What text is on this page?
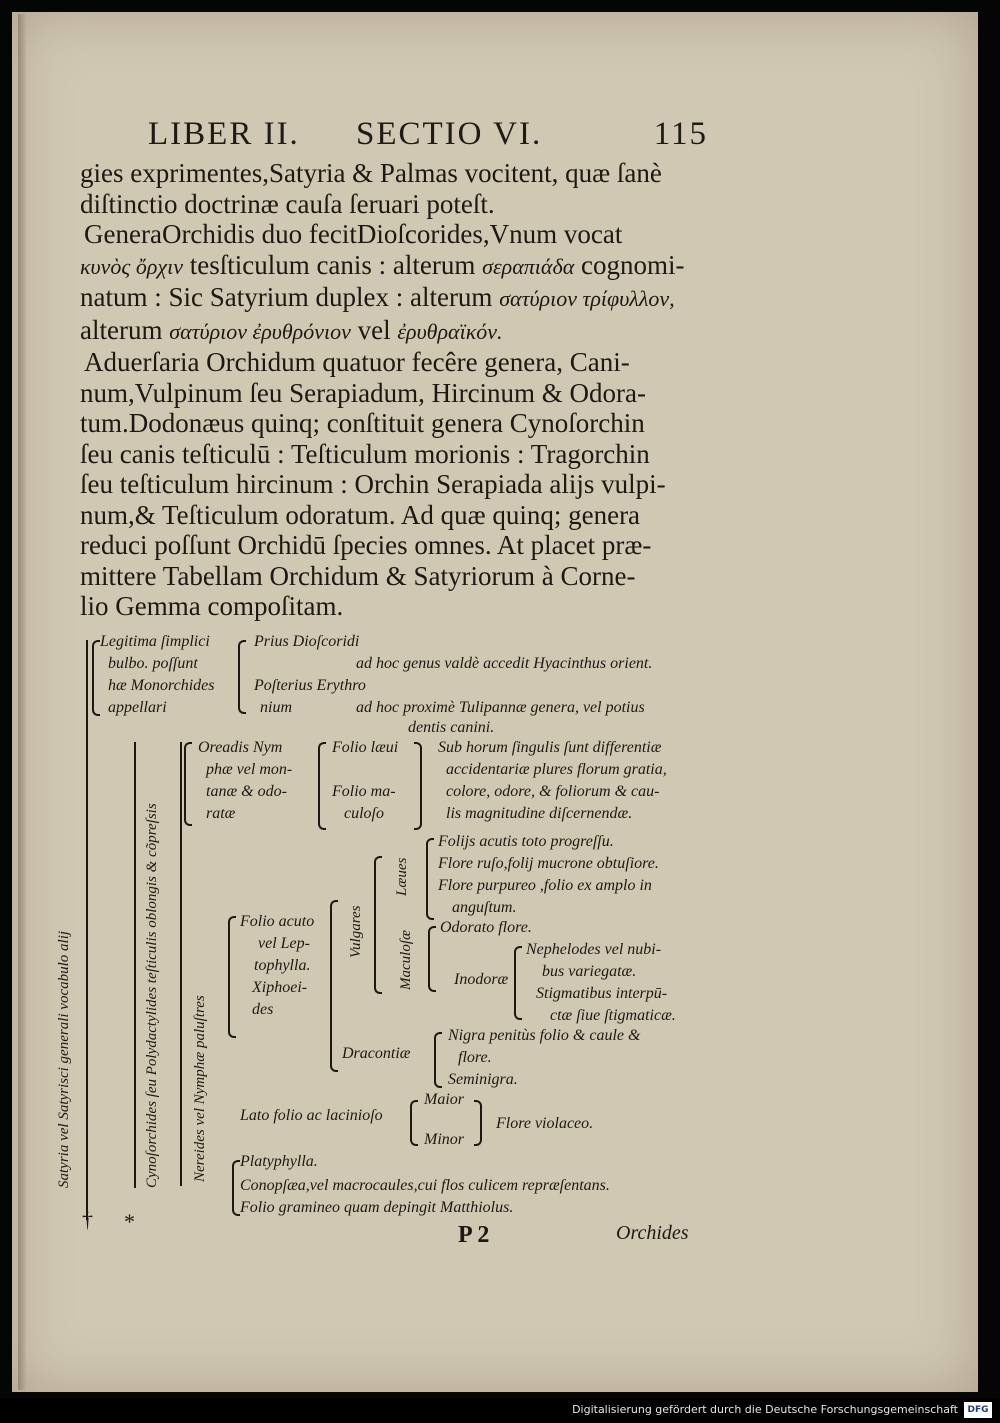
LIBER II. SECTIO VI.	115
gies exprimentes,Satyria & Palmas vocitent, quæ ſanè
diſtinctio doctrinæ cauſa ſeruari poteſt.
GeneraOrchidis duo fecitDioſcorides,Vnum vocat
κυνὸς ὄρχιν tesſticulum canis : alterum σεραπιάδα cognomi-
natum : Sic Satyrium duplex : alterum σατύριον τρίφυλλον,
alterum σατύριον ἐρυθρόνιον vel ἐρυθραϊκόν.
Aduerſaria Orchidum quatuor fecêre genera, Cani-
num,Vulpinum ſeu Serapiadum, Hircinum & Odora-
tum.Dodonæus quinq; conſtituit genera Cynoſorchin
ſeu canis teſticulū : Teſticulum morionis : Tragorchin
ſeu teſticulum hircinum : Orchin Serapiada alijs vulpi-
num,& Teſticulum odoratum. Ad quæ quinq; genera
reduci poſſunt Orchidū ſpecies omnes. At placet præ-
mittere Tabellam Orchidum & Satyriorum à Corne-
lio Gemma compoſitam.
Satyria vel Satyrisci generali vocabulo alij	Cynoſorchides ſeu Polydactylides teſticulis oblongis & cõpreſsis Nereides vel Nymphæ paluſtres
† *
Legitima ſimplici
bulbo. poſſunt
hæ Monorchides
appellari
Prius Dioſcoridi
ad hoc genus valdè accedit Hyacinthus orient.
Poſterius Erythro
nium	ad hoc proximè Tulipannæ genera, vel potius
dentis canini.
Oreadis Nym
phæ vel mon-
tanæ & odo-
ratæ
Folio læui
Folio ma-
culoſo
Sub horum ſingulis ſunt differentiæ
accidentariæ plures florum gratia,
colore, odore, & foliorum & cau-
lis magnitudine diſcernendæ.
Vulgares
Læues
Maculoſæ
Folijs acutis toto progreſſu.
Flore ruſo,folij mucrone obtuſiore.
Flore purpureo ,folio ex amplo in
anguſtum.
Odorato flore.
Inodoræ
Nephelodes vel nubi-
bus variegatæ.
Stigmatibus interpū-
ctæ ſiue ſtigmaticæ.
Folio acuto
vel Lep-
tophylla.
Xiphoei-
des
Dracontiæ
Nigra penitùs folio & caule &
flore.
Seminigra.
Lato folio ac laciniοſo
Maior
Minor
Flore violaceo.
Platyphylla.
Conopſæa,vel macrocaules,cui flos culicem repræſentans.
Folio gramineo quam depingit Matthiolus.
P 2	Orchides
Digitalisierung gefördert durch die Deutsche Forschungsgemeinschaft	DFG
